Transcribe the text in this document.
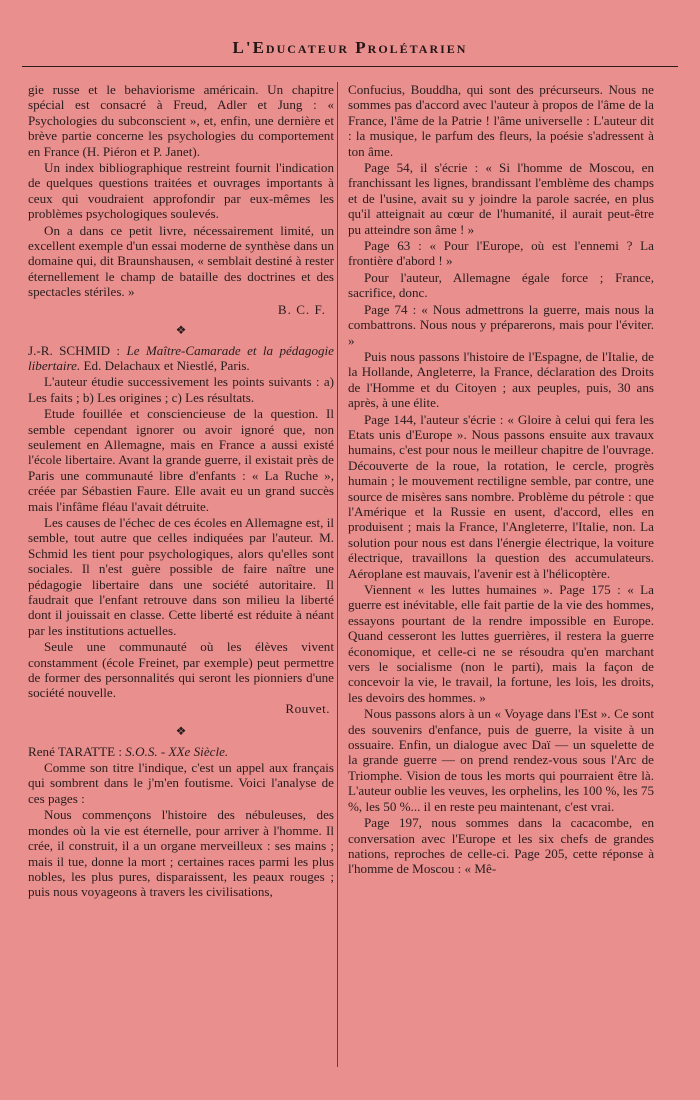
L'Educateur Prolétarien

gie russe et le behaviorisme américain. Un chapitre spécial est consacré à Freud, Adler et Jung : « Psychologies du subconscient », et, enfin, une dernière et brève partie concerne les psychologies du comportement en France (H. Piéron et P. Janet).

Un index bibliographique restreint fournit l'indication de quelques questions traitées et ouvrages importants à ceux qui voudraient approfondir par eux-mêmes les problèmes psychologiques soulevés.

On a dans ce petit livre, nécessairement limité, un excellent exemple d'un essai moderne de synthèse dans un domaine qui, dit Braunshausen, « semblait destiné à rester éternellement le champ de bataille des doctrines et des spectacles stériles. »

B. C. F.

❖

J.-R. SCHMID : Le Maître-Camarade et la pédagogie libertaire. Ed. Delachaux et Niestlé, Paris.

L'auteur étudie successivement les points suivants : a) Les faits ; b) Les origines ; c) Les résultats.

Etude fouillée et consciencieuse de la question. Il semble cependant ignorer ou avoir ignoré que, non seulement en Allemagne, mais en France a aussi existé l'école libertaire. Avant la grande guerre, il existait près de Paris une communauté libre d'enfants : « La Ruche », créée par Sébastien Faure. Elle avait eu un grand succès mais l'infâme fléau l'avait détruite.

Les causes de l'échec de ces écoles en Allemagne est, il semble, tout autre que celles indiquées par l'auteur. M. Schmid les tient pour psychologiques, alors qu'elles sont sociales. Il n'est guère possible de faire naître une pédagogie libertaire dans une société autoritaire. Il faudrait que l'enfant retrouve dans son milieu la liberté dont il jouissait en classe. Cette liberté est réduite à néant par les institutions actuelles.

Seule une communauté où les élèves vivent constamment (école Freinet, par exemple) peut permettre de former des personnalités qui seront les pionniers d'une société nouvelle.

Rouvet.

❖

René TARATTE : S.O.S. - XXe Siècle.

Comme son titre l'indique, c'est un appel aux français qui sombrent dans le j'm'en foutisme. Voici l'analyse de ces pages :

Nous commençons l'histoire des nébuleuses, des mondes où la vie est éternelle, pour arriver à l'homme. Il crée, il construit, il a un organe merveilleux : ses mains ; mais il tue, donne la mort ; certaines races parmi les plus nobles, les plus pures, disparaissent, les peaux rouges ; puis nous voyageons à travers les civilisations,

Confucius, Bouddha, qui sont des précurseurs. Nous ne sommes pas d'accord avec l'auteur à propos de l'âme de la France, l'âme de la Patrie ! l'âme universelle : L'auteur dit : la musique, le parfum des fleurs, la poésie s'adressent à ton âme.

Page 54, il s'écrie : « Si l'homme de Moscou, en franchissant les lignes, brandissant l'emblème des champs et de l'usine, avait su y joindre la parole sacrée, en plus qu'il atteignait au cœur de l'humanité, il aurait peut-être pu atteindre son âme ! »

Page 63 : « Pour l'Europe, où est l'ennemi ? La frontière d'abord ! »

Pour l'auteur, Allemagne égale force ; France, sacrifice, donc.

Page 74 : « Nous admettrons la guerre, mais nous la combattrons. Nous nous y préparerons, mais pour l'éviter. »

Puis nous passons l'histoire de l'Espagne, de l'Italie, de la Hollande, Angleterre, la France, déclaration des Droits de l'Homme et du Citoyen ; aux peuples, puis, 30 ans après, à une élite.

Page 144, l'auteur s'écrie : « Gloire à celui qui fera les Etats unis d'Europe ». Nous passons ensuite aux travaux humains, c'est pour nous le meilleur chapitre de l'ouvrage. Découverte de la roue, la rotation, le cercle, progrès humain ; le mouvement rectiligne semble, par contre, une source de misères sans nombre. Problème du pétrole : que l'Amérique et la Russie en usent, d'accord, elles en produisent ; mais la France, l'Angleterre, l'Italie, non. La solution pour nous est dans l'énergie électrique, la voiture électrique, travaillons la question des accumulateurs. Aéroplane est mauvais, l'avenir est à l'hélicoptère.

Viennent « les luttes humaines ». Page 175 : « La guerre est inévitable, elle fait partie de la vie des hommes, essayons pourtant de la rendre impossible en Europe. Quand cesseront les luttes guerrières, il restera la guerre économique, et celle-ci ne se résoudra qu'en marchant vers le socialisme (non le parti), mais la façon de concevoir la vie, le travail, la fortune, les lois, les droits, les devoirs des hommes. »

Nous passons alors à un « Voyage dans l'Est ». Ce sont des souvenirs d'enfance, puis de guerre, la visite à un ossuaire. Enfin, un dialogue avec Daï — un squelette de la grande guerre — on prend rendez-vous sous l'Arc de Triomphe. Vision de tous les morts qui pourraient être là. L'auteur oublie les veuves, les orphelins, les 100 %, les 75 %, les 50 %... il en reste peu maintenant, c'est vrai.

Page 197, nous sommes dans la cacacombe, en conversation avec l'Europe et les six chefs de grandes nations, reproches de celle-ci. Page 205, cette réponse à l'homme de Moscou : « Mê-
